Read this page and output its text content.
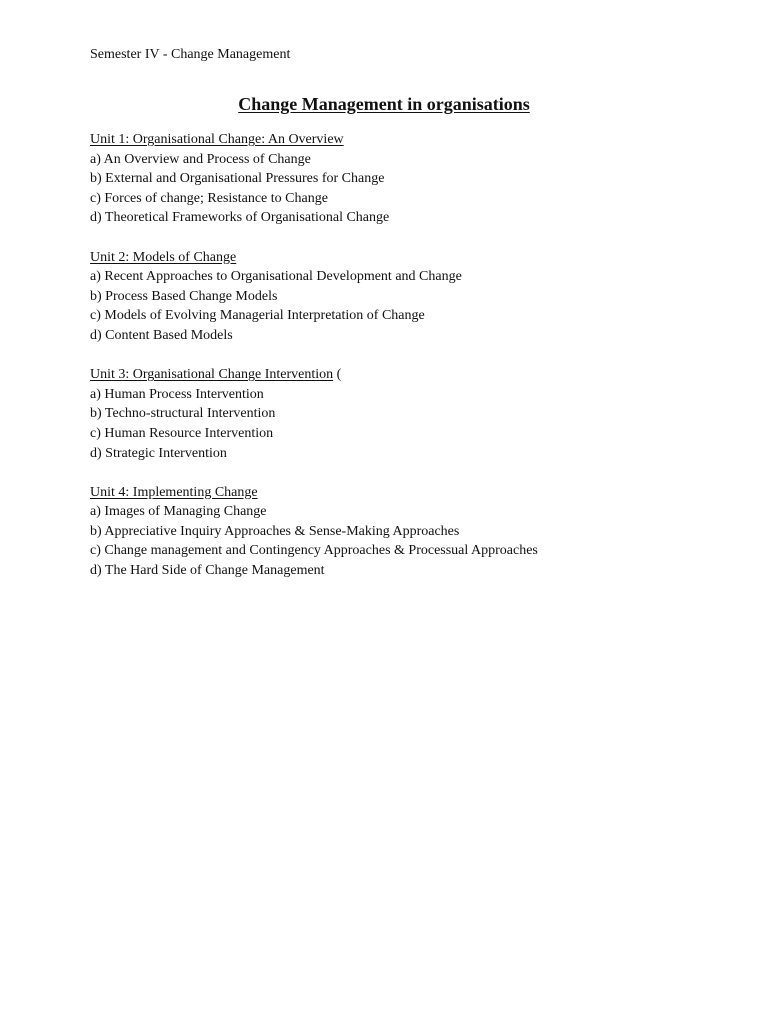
Semester IV - Change Management
Change Management in organisations
Unit 1: Organisational Change: An Overview
a) An Overview and Process of Change
b) External and Organisational Pressures for Change
c) Forces of change; Resistance to Change
d) Theoretical Frameworks of Organisational Change
Unit 2: Models of Change
a) Recent Approaches to Organisational Development and Change
b) Process Based Change Models
c) Models of Evolving Managerial Interpretation of Change
d) Content Based Models
Unit 3: Organisational Change Intervention (
a) Human Process Intervention
b) Techno-structural Intervention
c) Human Resource Intervention
d) Strategic Intervention
Unit 4: Implementing Change
a) Images of Managing Change
b) Appreciative Inquiry Approaches & Sense-Making Approaches
c) Change management and Contingency Approaches & Processual Approaches
d) The Hard Side of Change Management
